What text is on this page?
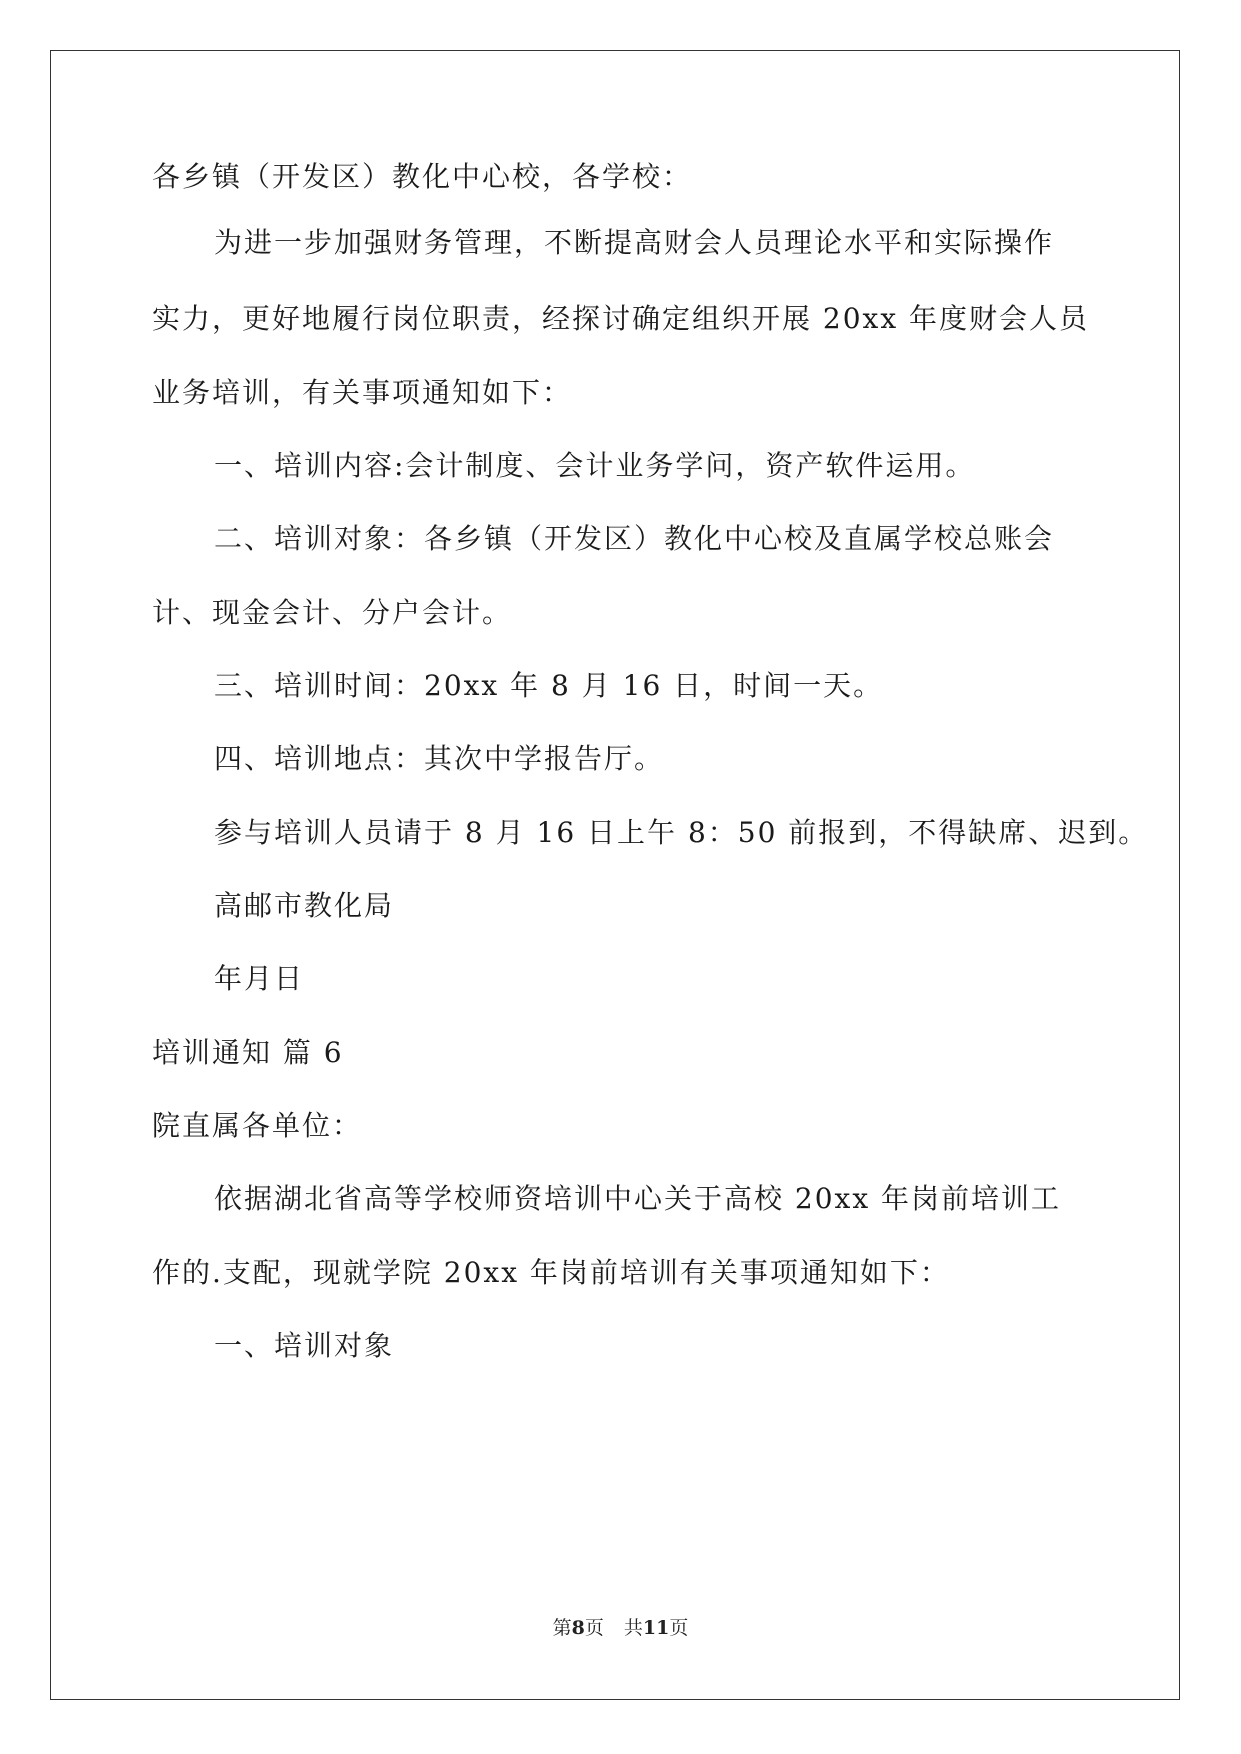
各乡镇（开发区）教化中心校，各学校：
为进一步加强财务管理，不断提高财会人员理论水平和实际操作
实力，更好地履行岗位职责，经探讨确定组织开展 20xx 年度财会人员
业务培训，有关事项通知如下：
一、培训内容:会计制度、会计业务学问，资产软件运用。
二、培训对象：各乡镇（开发区）教化中心校及直属学校总账会
计、现金会计、分户会计。
三、培训时间：20xx 年 8 月 16 日，时间一天。
四、培训地点：其次中学报告厅。
参与培训人员请于 8 月 16 日上午 8：50 前报到，不得缺席、迟到。
高邮市教化局
年月日
培训通知 篇 6
院直属各单位：
依据湖北省高等学校师资培训中心关于高校 20xx 年岗前培训工
作的.支配，现就学院 20xx 年岗前培训有关事项通知如下：
一、培训对象
第8页 共11页
